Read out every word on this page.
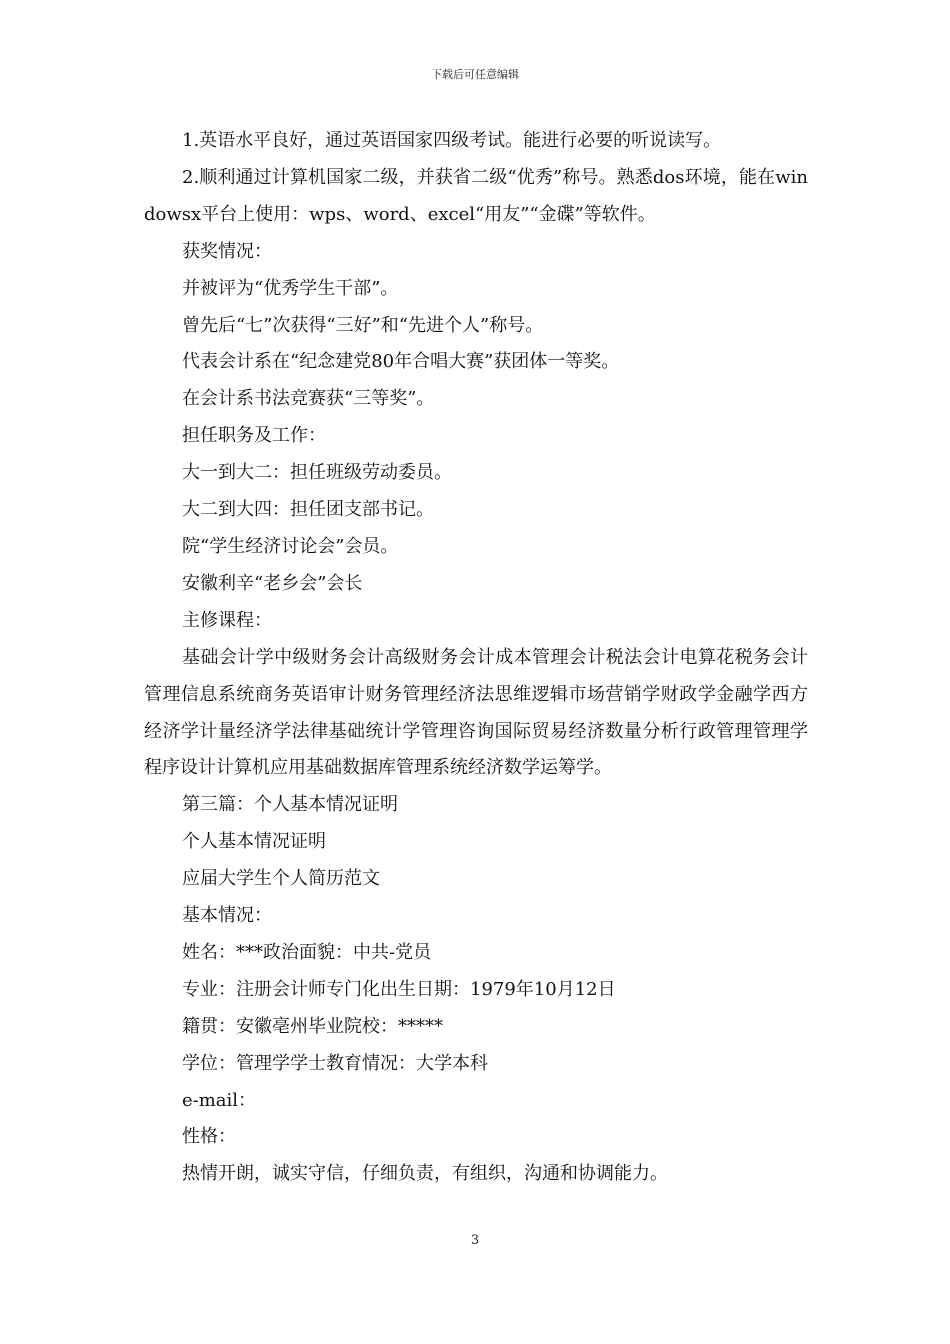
下载后可任意编辑

1.英语水平良好，通过英语国家四级考试。能进行必要的听说读写。

2.顺利通过计算机国家二级，并获省二级“优秀”称号。熟悉dos环境，能在windowsx平台上使用：wps、word、excel“用友”“金碟”等软件。

获奖情况：

并被评为“优秀学生干部”。

曾先后“七”次获得“三好”和“先进个人”称号。

代表会计系在“纪念建党80年合唱大赛”获团体一等奖。

在会计系书法竞赛获“三等奖”。

担任职务及工作：

大一到大二：担任班级劳动委员。

大二到大四：担任团支部书记。

院“学生经济讨论会”会员。

安徽利辛“老乡会”会长

主修课程：

基础会计学中级财务会计高级财务会计成本管理会计税法会计电算花税务会计管理信息系统商务英语审计财务管理经济法思维逻辑市场营销学财政学金融学西方经济学计量经济学法律基础统计学管理咨询国际贸易经济数量分析行政管理管理学程序设计计算机应用基础数据库管理系统经济数学运筹学。

第三篇：个人基本情况证明

个人基本情况证明

应届大学生个人简历范文

基本情况：

姓名：***政治面貌：中共-党员

专业：注册会计师专门化出生日期：1979年10月12日

籍贯：安徽亳州毕业院校：*****

学位：管理学学士教育情况：大学本科

e-mail：

性格：

热情开朗，诚实守信，仔细负责，有组织，沟通和协调能力。

3
